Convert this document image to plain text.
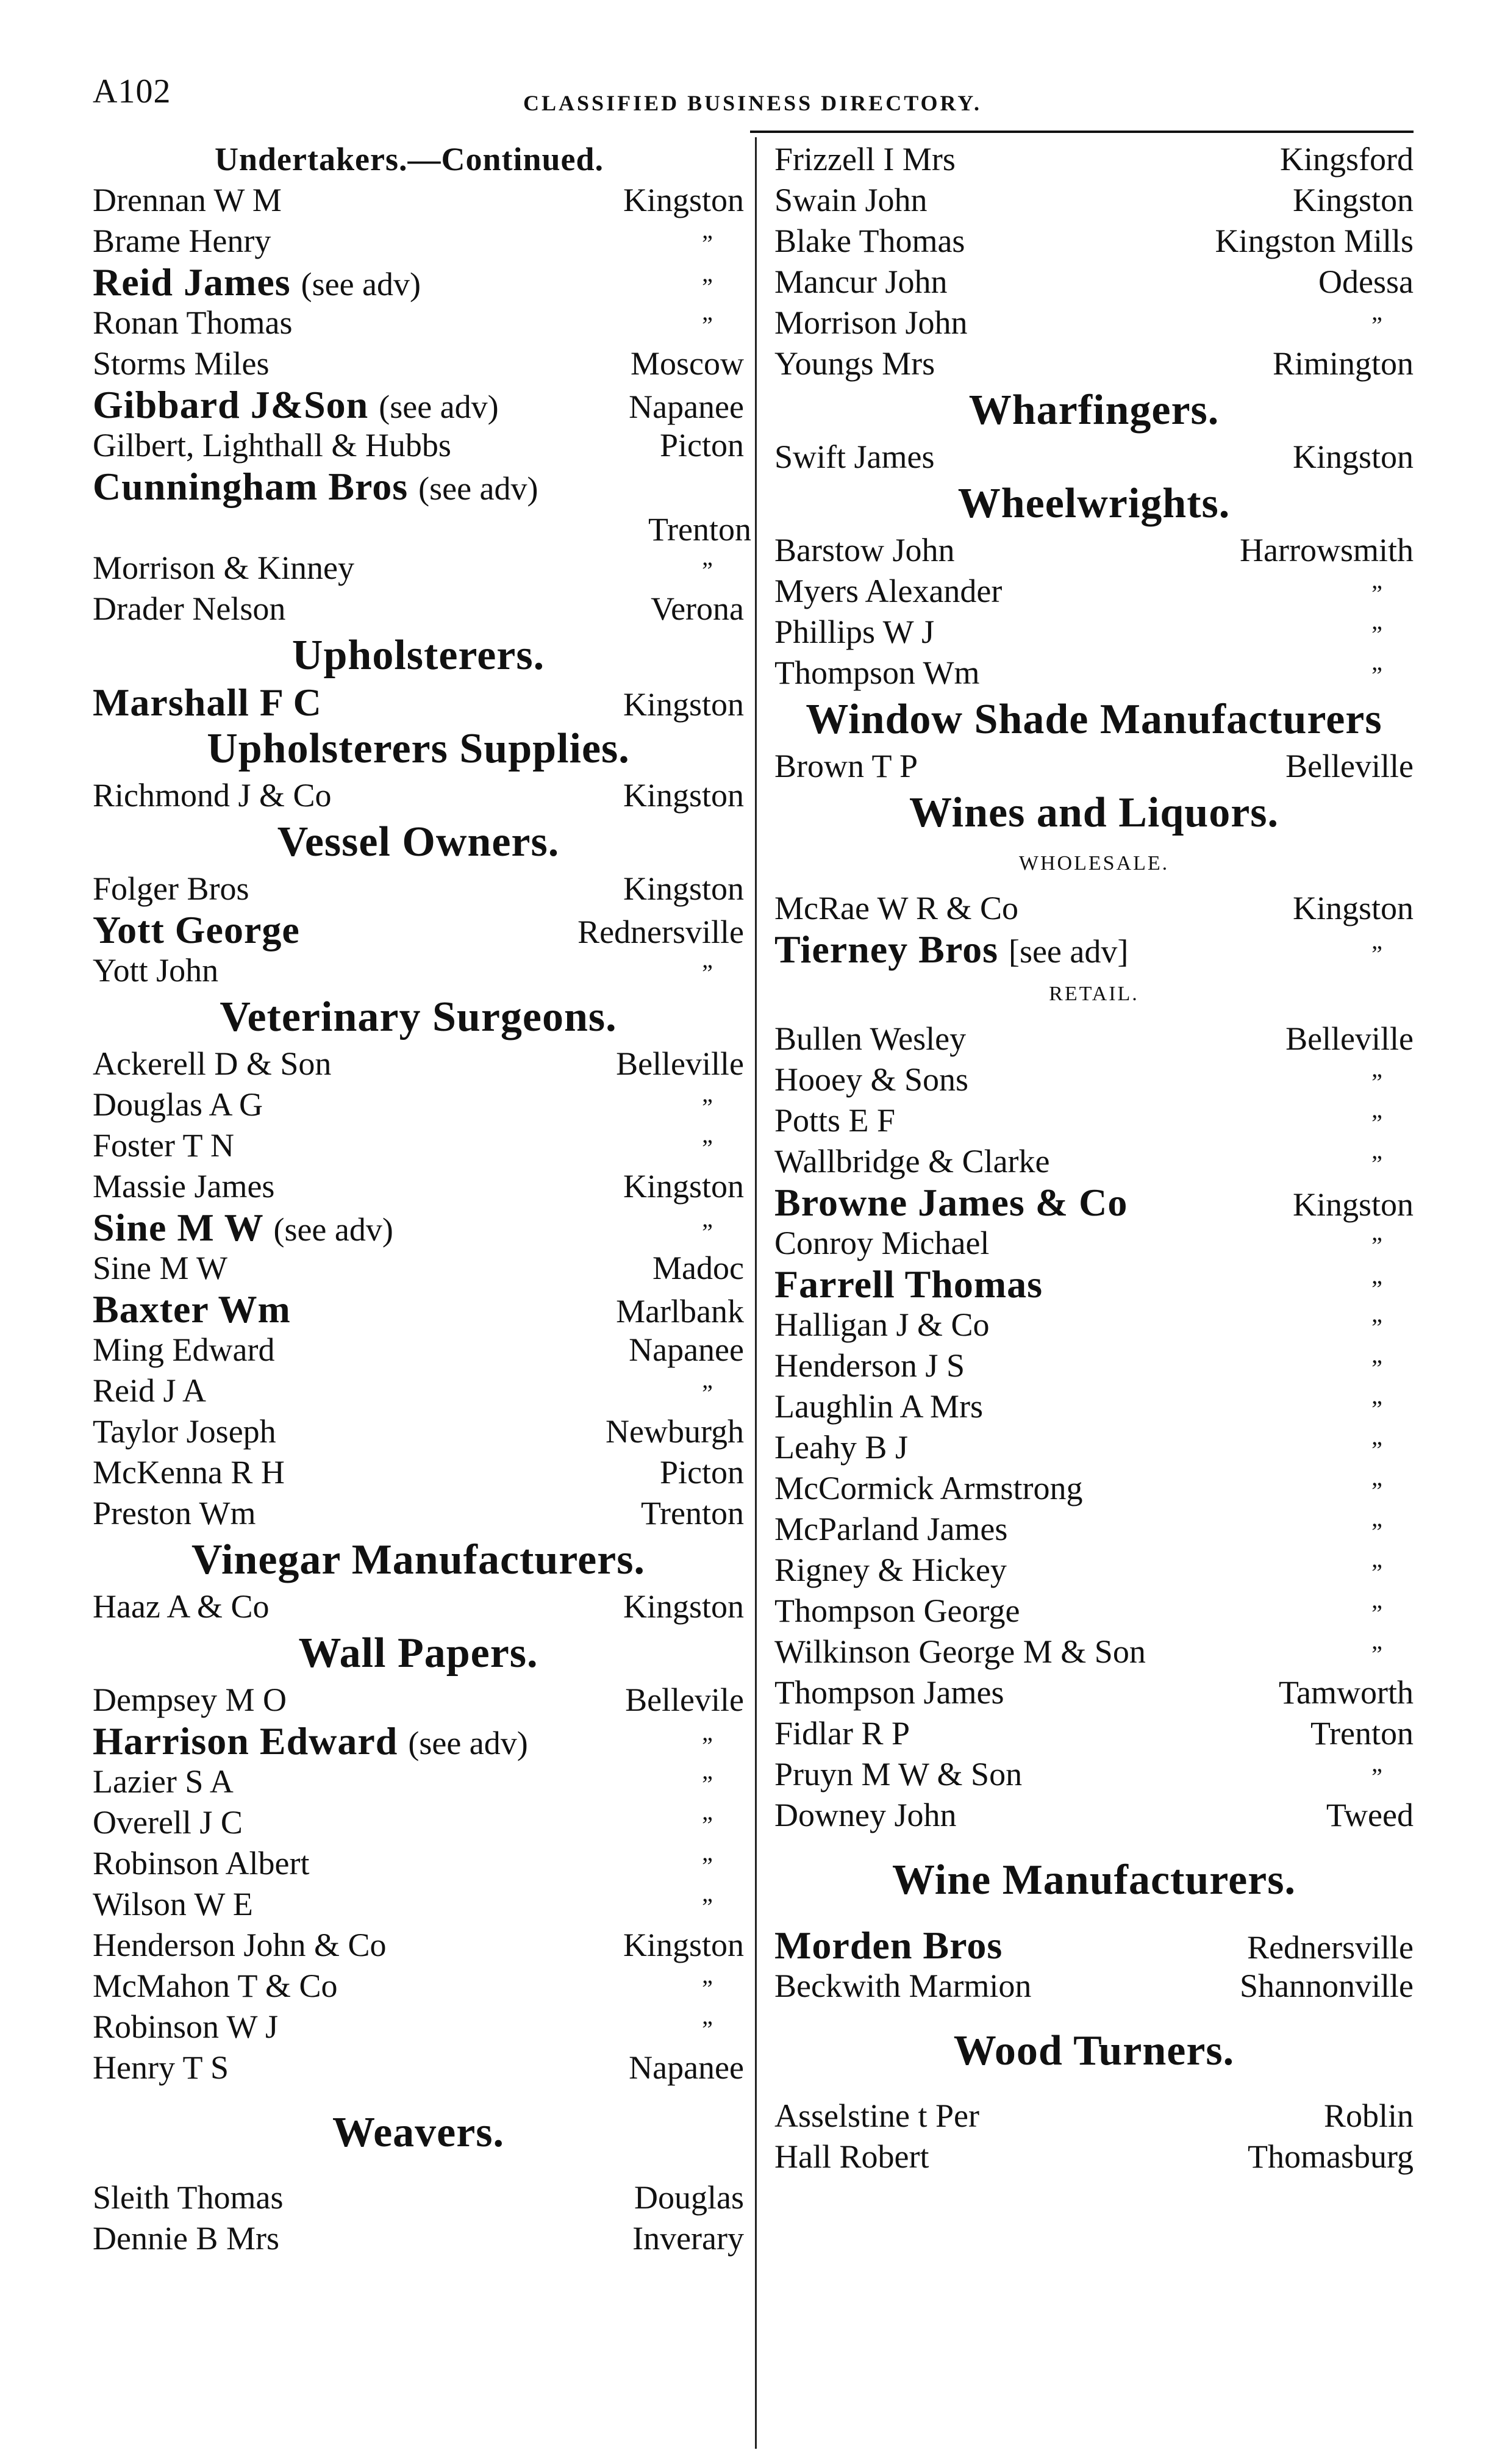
A102	CLASSIFIED BUSINESS DIRECTORY.
Undertakers.—Continued.
Drennan W M	Kingston
Brame Henry	”
Reid James (see adv)	”
Ronan Thomas	”
Storms Miles	Moscow
Gibbard J&Son (see adv)	Napanee
Gilbert, Lighthall & Hubbs	Picton
Cunningham Bros (see adv)
Trenton
Morrison & Kinney	”
Drader Nelson	Verona
Upholsterers.
Marshall F C	Kingston
Upholsterers Supplies.
Richmond J & Co	Kingston
Vessel Owners.
Folger Bros	Kingston
Yott George	Rednersville
Yott John	”
Veterinary Surgeons.
Ackerell D & Son	Belleville
Douglas A G	”
Foster T N	”
Massie James	Kingston
Sine M W (see adv)	”
Sine M W	Madoc
Baxter Wm	Marlbank
Ming Edward	Napanee
Reid J A	”
Taylor Joseph	Newburgh
McKenna R H	Picton
Preston Wm	Trenton
Vinegar Manufacturers.
Haaz A & Co	Kingston
Wall Papers.
Dempsey M O	Bellevile
Harrison Edward (see adv)	”
Lazier S A	”
Overell J C	”
Robinson Albert	”
Wilson W E	”
Henderson John & Co	Kingston
McMahon T & Co	”
Robinson W J	”
Henry T S	Napanee
Weavers.
Sleith Thomas	Douglas
Dennie B Mrs	Inverary
Frizzell I Mrs	Kingsford
Swain John	Kingston
Blake Thomas	Kingston Mills
Mancur John	Odessa
Morrison John	”
Youngs Mrs	Rimington
Wharfingers.
Swift James	Kingston
Wheelwrights.
Barstow John	Harrowsmith
Myers Alexander	”
Phillips W J	”
Thompson Wm	”
Window Shade Manufacturers
Brown T P	Belleville
Wines and Liquors.
WHOLESALE.
McRae W R & Co	Kingston
Tierney Bros [see adv]	”
RETAIL.
Bullen Wesley	Belleville
Hooey & Sons	”
Potts E F	”
Wallbridge & Clarke	”
Browne James & Co	Kingston
Conroy Michael	”
Farrell Thomas	”
Halligan J & Co	”
Henderson J S	”
Laughlin A Mrs	”
Leahy B J	”
McCormick Armstrong	”
McParland James	”
Rigney & Hickey	”
Thompson George	”
Wilkinson George M & Son	”
Thompson James	Tamworth
Fidlar R P	Trenton
Pruyn M W & Son	”
Downey John	Tweed
Wine Manufacturers.
Morden Bros	Rednersville
Beckwith Marmion	Shannonville
Wood Turners.
Asselstine t Per	Roblin
Hall Robert	Thomasburg
